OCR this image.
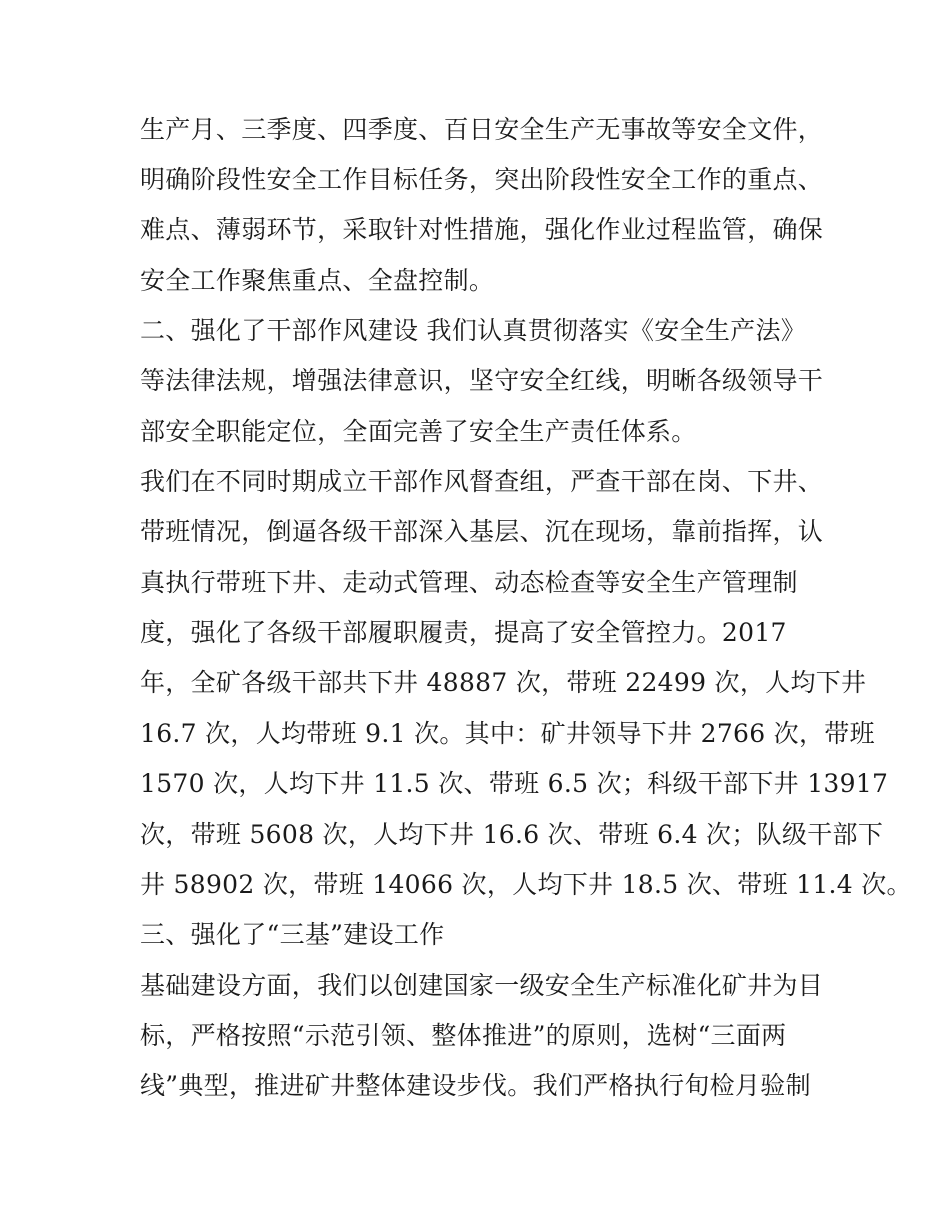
生产月、三季度、四季度、百日安全生产无事故等安全文件，
明确阶段性安全工作目标任务，突出阶段性安全工作的重点、
难点、薄弱环节，采取针对性措施，强化作业过程监管，确保
安全工作聚焦重点、全盘控制。
二、强化了干部作风建设 我们认真贯彻落实《安全生产法》
等法律法规，增强法律意识，坚守安全红线，明晰各级领导干
部安全职能定位，全面完善了安全生产责任体系。
我们在不同时期成立干部作风督查组，严查干部在岗、下井、
带班情况，倒逼各级干部深入基层、沉在现场，靠前指挥，认
真执行带班下井、走动式管理、动态检查等安全生产管理制
度，强化了各级干部履职履责，提高了安全管控力。2017
年，全矿各级干部共下井 48887 次，带班 22499 次，人均下井
16.7 次，人均带班 9.1 次。其中：矿井领导下井 2766 次，带班
1570 次，人均下井 11.5 次、带班 6.5 次；科级干部下井 13917
次，带班 5608 次，人均下井 16.6 次、带班 6.4 次；队级干部下
井 58902 次，带班 14066 次，人均下井 18.5 次、带班 11.4 次。
三、强化了“三基”建设工作
基础建设方面，我们以创建国家一级安全生产标准化矿井为目
标，严格按照“示范引领、整体推进”的原则，选树“三面两
线”典型，推进矿井整体建设步伐。我们严格执行旬检月验制
